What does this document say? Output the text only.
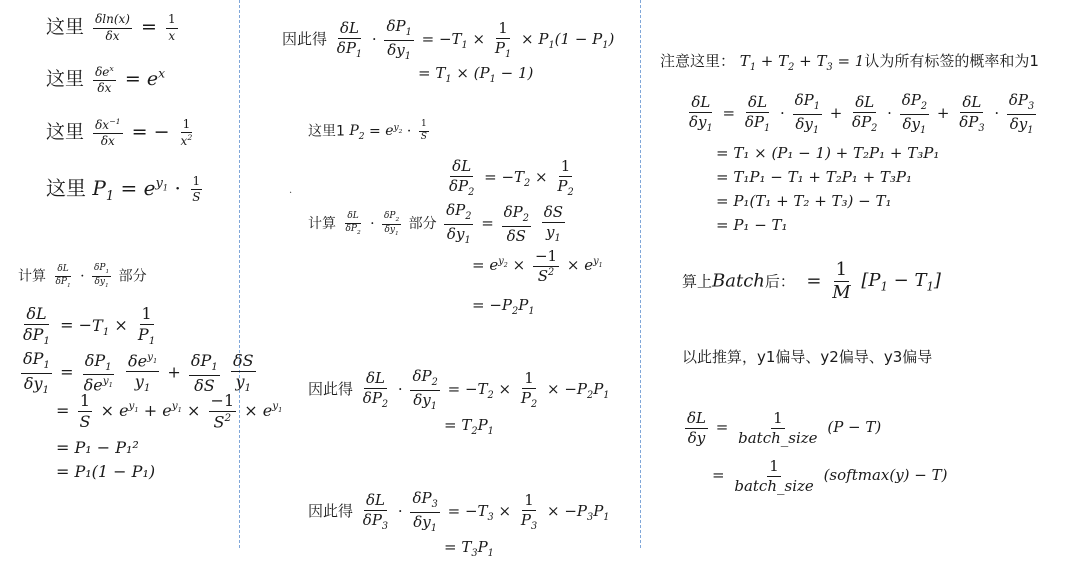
这里 $\frac{\delta\ln(x)}{\delta x} = \frac{1}{x}$
这里 $\frac{\delta e^x}{\delta x} = e^x$
这里 $\frac{\delta x^{-1}}{\delta x}$ = − $\frac{1}{x^2}$
这里 $P_1 = e^{y_1} \cdot \frac{1}{S}$
计算 $\frac{\delta L}{\delta P_1} \cdot \frac{\delta P_1}{\delta y_1}$ 部分
$\frac{\delta L}{\delta P_1} = -T_1 \times \frac{1}{P_1}$
$\frac{\delta P_1}{\delta y_1} = \frac{\delta P_1}{\delta e^{y_1}}$
$\frac{\delta e^{y_1}}{y_1} + \frac{\delta P_1}{\delta S}$
$\frac{\delta S}{y_1}$
= $\frac{1}{S} \times e^{y_1} + e^{y_1} \times \frac{-1}{S^2} \times e^{y_1}$
= P₁ − P₁²
= P₁(1 − P₁)
因此得 $\frac{\delta L}{\delta P_1} \cdot \frac{\delta P_1}{\delta y_1} = -T_1 \times \frac{1}{P_1} \times P_1(1 - P_1)$
= $T_1 \times (P_1 - 1)$
这里1 $P_2 = e^{y_2} \cdot \frac{1}{S}$
$\frac{\delta L}{\delta P_2} = -T_2 \times \frac{1}{P_2}$
·
计算 $\frac{\delta L}{\delta P_2} \cdot \frac{\delta P_2}{\delta y_1}$ 部分 $\frac{\delta P_2}{\delta y_1} = \frac{\delta P_2}{\delta S}$
$\frac{\delta S}{y_1}$
= $e^{y_2} \times \frac{-1}{S^2} \times e^{y_1}$
= $-P_2P_1$
因此得 $\frac{\delta L}{\delta P_2} \cdot \frac{\delta P_2}{\delta y_1} = -T_2 \times \frac{1}{P_2} \times -P_2P_1$
= $T_2P_1$
因此得 $\frac{\delta L}{\delta P_3} \cdot \frac{\delta P_3}{\delta y_1} = -T_3 \times \frac{1}{P_3} \times -P_3P_1$
= $T_3P_1$
注意这里： $T_1 + T_2 + T_3 = 1$认为所有标签的概率和为1
$\frac{\delta L}{\delta y_1} = \frac{\delta L}{\delta P_1} \cdot \frac{\delta P_1}{\delta y_1} + \frac{\delta L}{\delta P_2} \cdot \frac{\delta P_2}{\delta y_1} + \frac{\delta L}{\delta P_3} \cdot \frac{\delta P_3}{\delta y_1}$
= T₁ × (P₁ − 1) + T₂P₁ + T₃P₁
= T₁P₁ − T₁ + T₂P₁ + T₃P₁
= P₁(T₁ + T₂ + T₃) − T₁
= P₁ − T₁
算上Batch后：  = $\frac{1}{M} [P_1 - T_1]$
以此推算，y1偏导、y2偏导、y3偏导
$\frac{\delta L}{\delta y} = \frac{1}{\text{batch\_size}} (P - T)$
= $\frac{1}{\text{batch\_size}}$ (softmax(y) − T)
